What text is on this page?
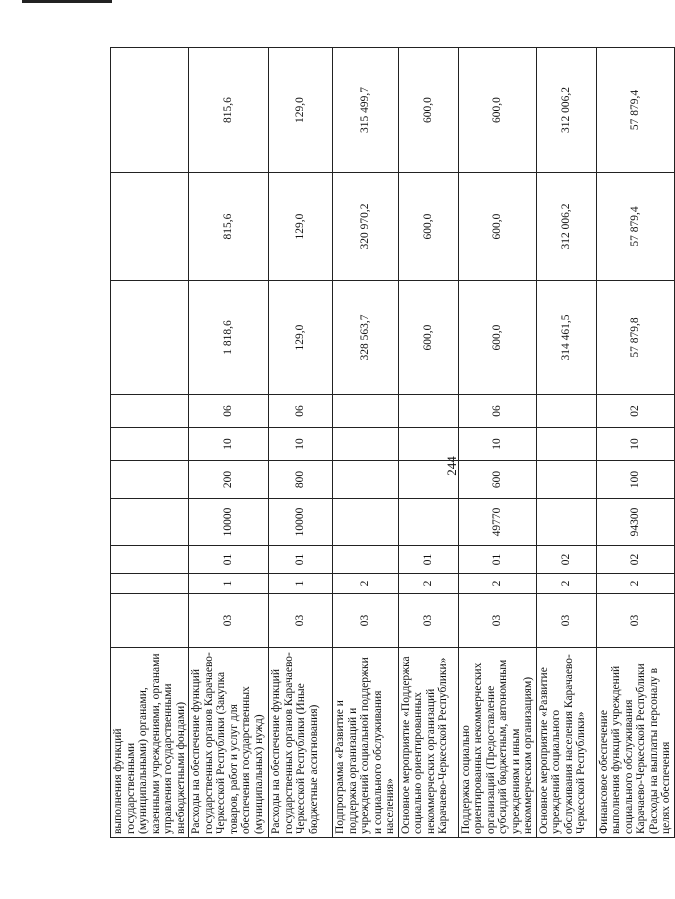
244
выполнения функций государственными (муниципальными) органами, казенными учреждениями, органами управления государственными внебюджетными фондами)										
Расходы на обеспечение функций государственных органов Карачаево-Черкесской Республики (Закупка товаров, работ и услуг для обеспечения государственных (муниципальных) нужд)	03	1	01	10000	200	10	06	1 818,6	815,6	815,6
Расходы на обеспечение функций государственных органов Карачаево-Черкесской Республики (Иные бюджетные ассигнования)	03	1	01	10000	800	10	06	129,0	129,0	129,0
Подпрограмма «Развитие и поддержка организаций и учреждений социальной поддержки и социального обслуживания населения»	03	2						328 563,7	320 970,2	315 499,7
Основное мероприятие «Поддержка социально ориентированных некоммерческих организаций Карачаево-Черкесской Республики»	03	2	01					600,0	600,0	600,0
Поддержка социально ориентированных некоммерческих организаций (Предоставление субсидий бюджетным, автономным учреждениям и иным некоммерческим организациям)	03	2	01	49770	600	10	06	600,0	600,0	600,0
Основное мероприятие «Развитие учреждений социального обслуживания населения Карачаево-Черкесской Республики»	03	2	02					314 461,5	312 006,2	312 006,2
Финансовое обеспечение выполнения функций учреждений социального обслуживания Карачаево-Черкесской Республики (Расходы на выплаты персоналу в целях обеспечения	03	2	02	94300	100	10	02	57 879,8	57 879,4	57 879,4
